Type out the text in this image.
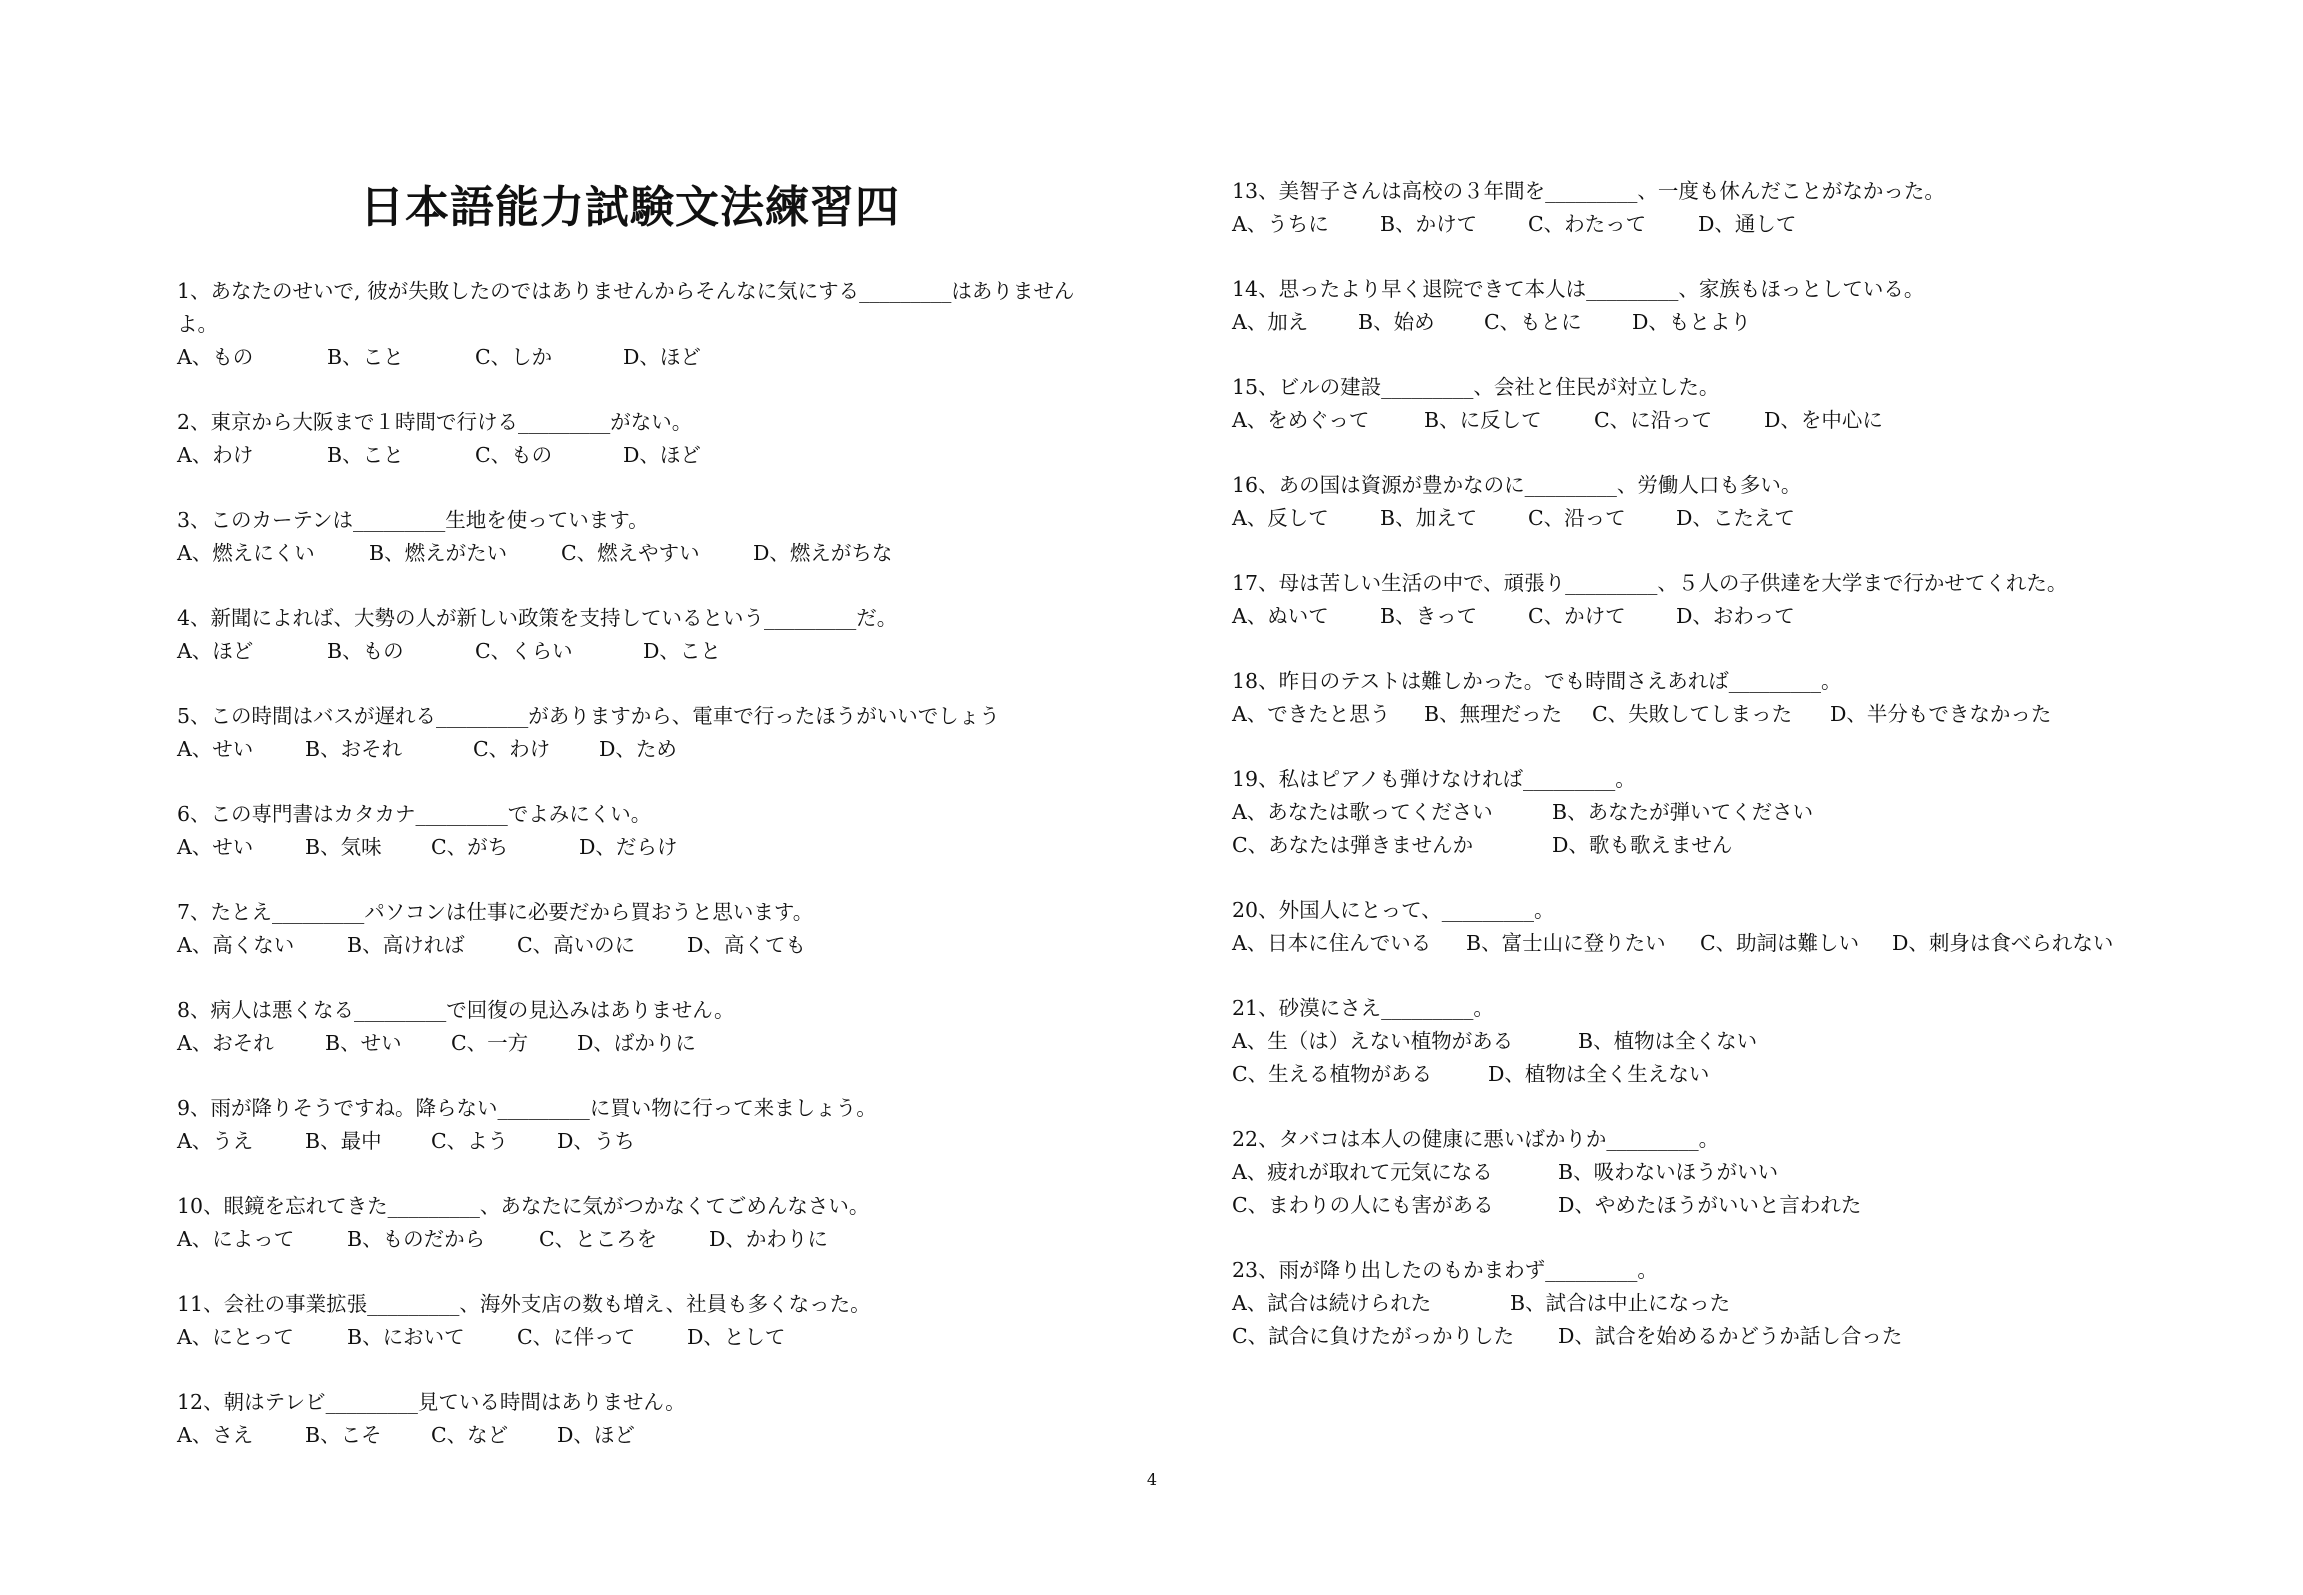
日本語能力試験文法練習四
1、あなたのせいで, 彼が失敗したのではありませんからそんなに気にする_________はありませんよ。
A、もの	B、こと	C、しか	D、ほど
2、東京から大阪まで１時間で行ける_________がない。
A、わけ	B、こと	C、もの	D、ほど
3、このカーテンは_________生地を使っています。
A、燃えにくい	B、燃えがたい	C、燃えやすい	D、燃えがちな
4、新聞によれば、大勢の人が新しい政策を支持しているという_________だ。
A、ほど	B、もの	C、くらい	D、こと
5、この時間はバスが遅れる_________がありますから、電車で行ったほうがいいでしょう
A、せい	B、おそれ	C、わけ D、ため
6、この専門書はカタカナ_________でよみにくい。
A、せい	B、気味 C、がち	D、だらけ
7、たとえ_________パソコンは仕事に必要だから買おうと思います。
A、高くない	B、高ければ	C、高いのに	D、高くても
8、病人は悪くなる_________で回復の見込みはありません。
A、おそれ B、せい C、一方 D、ばかりに
9、雨が降りそうですね。降らない_________に買い物に行って来ましょう。
A、うえ	B、最中 C、よう D、うち
10、眼鏡を忘れてきた_________、あなたに気がつかなくてごめんなさい。
A、によって	B、ものだから	C、ところを	D、かわりに
11、会社の事業拡張_________、海外支店の数も増え、社員も多くなった。
A、にとって	B、において	C、に伴って	D、として
12、朝はテレビ_________見ている時間はありません。
A、さえ	B、こそ C、など D、ほど
13、美智子さんは高校の３年間を_________、一度も休んだことがなかった。
A、うちに B、かけて C、わたって	D、通して
14、思ったより早く退院できて本人は_________、家族もほっとしている。
A、加え B、始め C、もとに D、もとより
15、ビルの建設_________、会社と住民が対立した。
A、をめぐって	B、に反して	C、に沿って	D、を中心に
16、あの国は資源が豊かなのに_________、労働人口も多い。
A、反して B、加えて C、沿って D、こたえて
17、母は苦しい生活の中で、頑張り_________、５人の子供達を大学まで行かせてくれた。
A、ぬいて B、きって C、かけて D、おわって
18、昨日のテストは難しかった。でも時間さえあれば_________。
A、できたと思う B、無理だった C、失敗してしまった D、半分もできなかった
19、私はピアノも弾けなければ_________。
A、あなたは歌ってください	B、あなたが弾いてください
C、あなたは弾きませんか	D、歌も歌えません
20、外国人にとって、_________。
A、日本に住んでいる B、富士山に登りたい C、助詞は難しい D、刺身は食べられない
21、砂漠にさえ_________。
A、生（は）えない植物がある	B、植物は全くない
C、生える植物がある	D、植物は全く生えない
22、タバコは本人の健康に悪いばかりか_________。
A、疲れが取れて元気になる	B、吸わないほうがいい
C、まわりの人にも害がある	D、やめたほうがいいと言われた
23、雨が降り出したのもかまわず_________。
A、試合は続けられた	B、試合は中止になった
C、試合に負けたがっかりした D、試合を始めるかどうか話し合った
4
